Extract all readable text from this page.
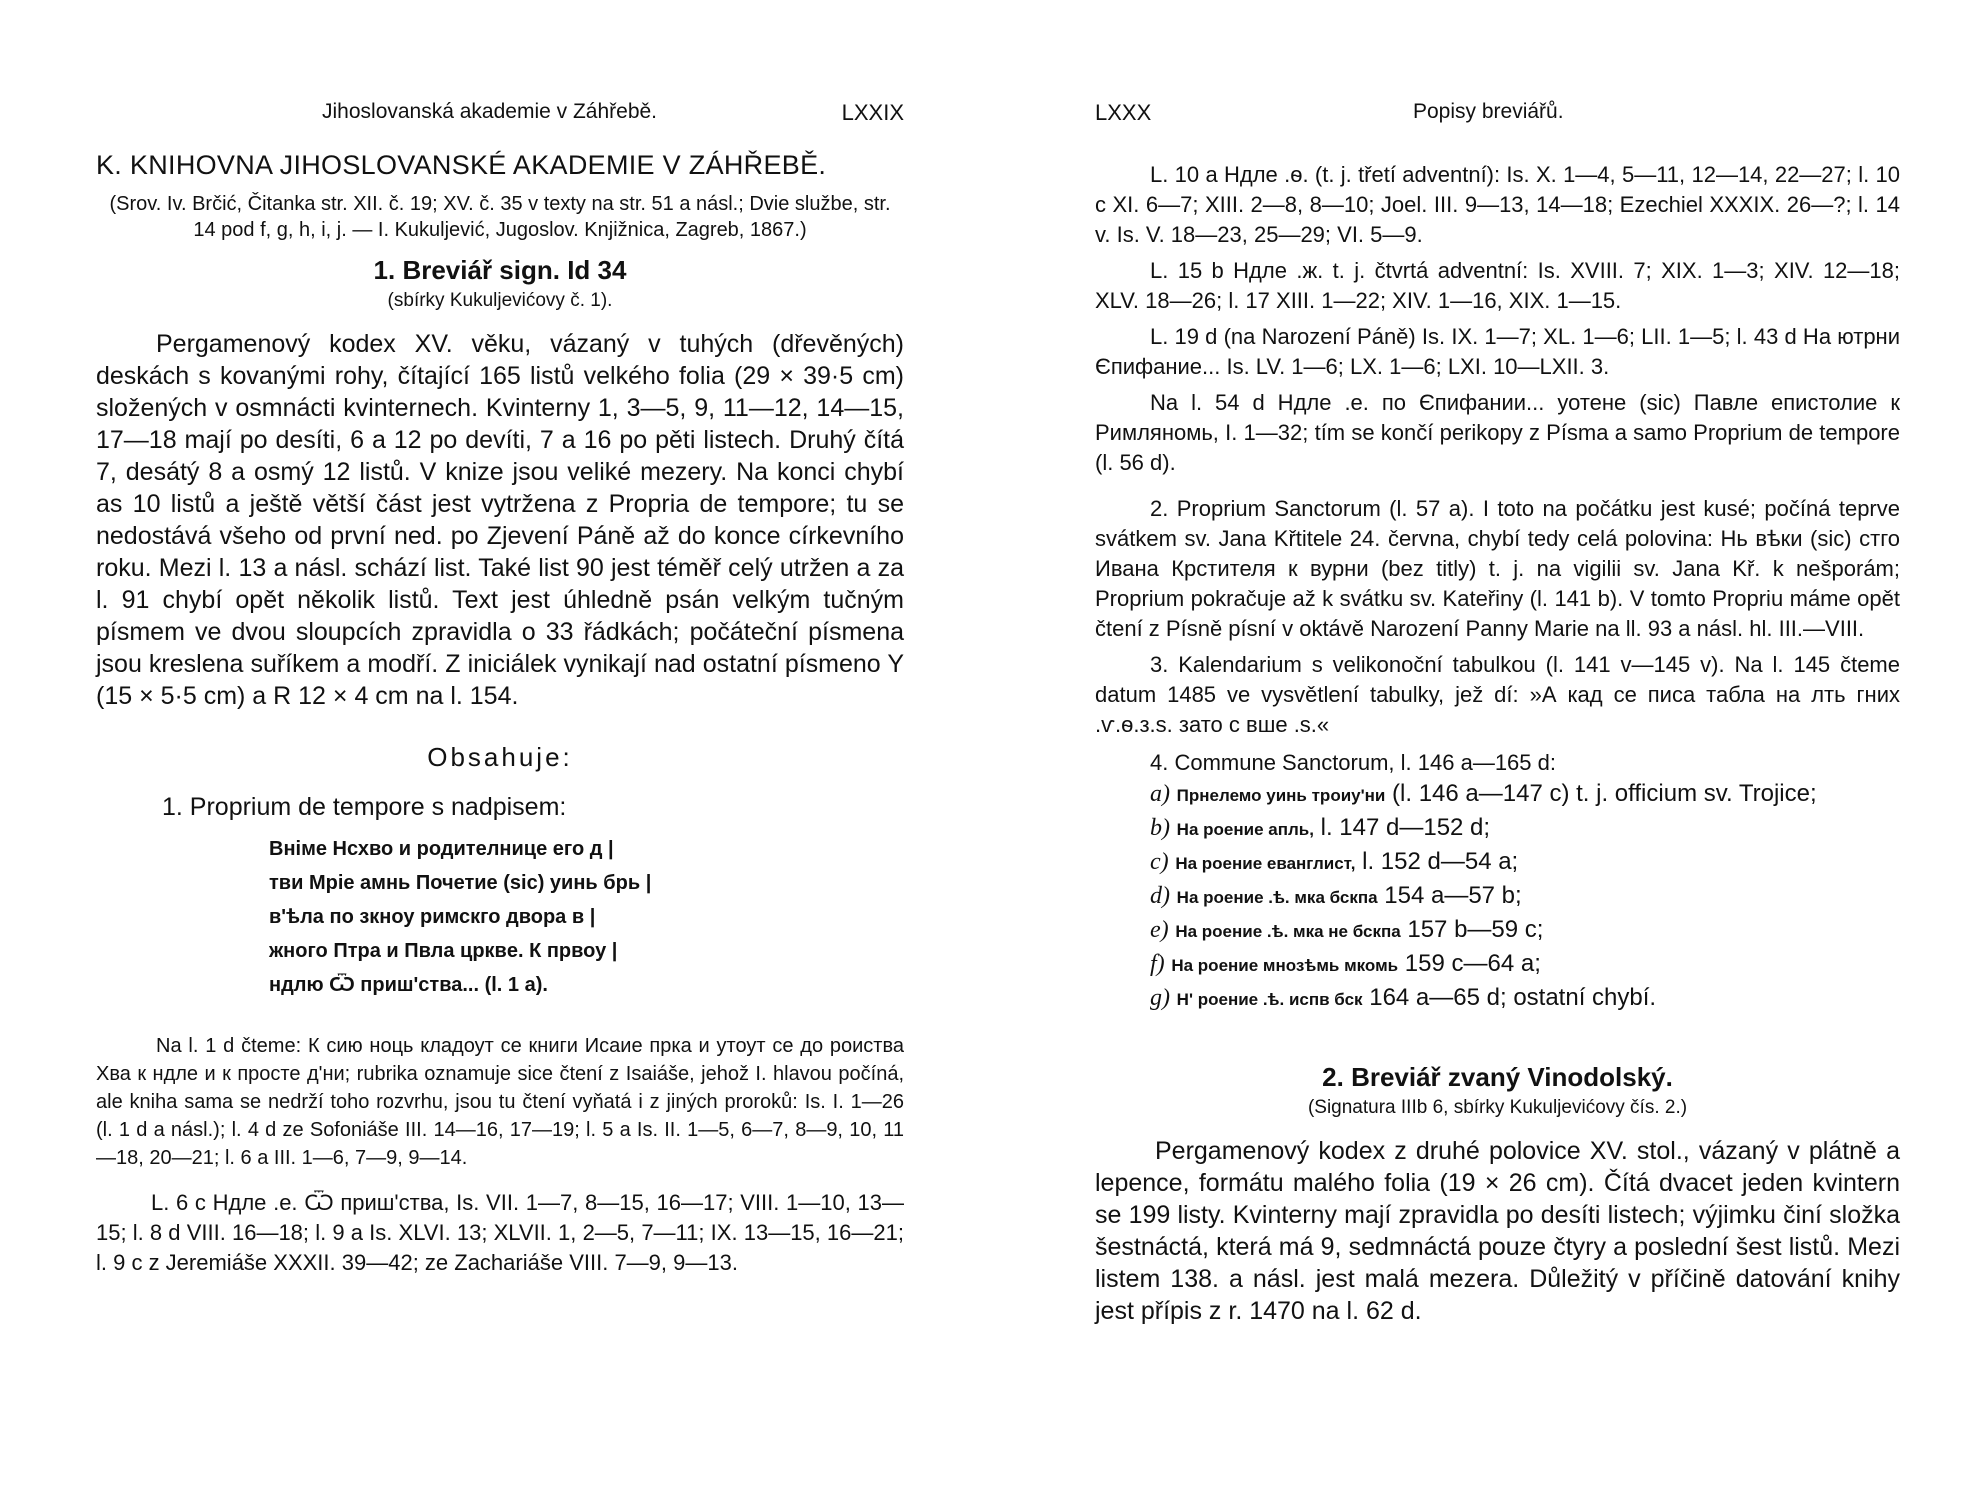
Jihoslovanská akademie v Záhřebě.	LXXIX

K. KNIHOVNA JIHOSLOVANSKÉ AKADEMIE V ZÁHŘEBĚ.

(Srov. Iv. Brčić, Čitanka str. XII. č. 19; XV. č. 35 v texty na str. 51 a násl.; Dvie službe, str. 14 pod f, g, h, i, j. — I. Kukuljević, Jugoslov. Knjižnica, Zagreb, 1867.)

1. Breviář sign. Id 34

(sbírky Kukuljevićovy č. 1).

Pergamenový kodex XV. věku, vázaný v tuhých (dřevěných) deskách s kovanými rohy, čítající 165 listů velkého folia (29 × 39·5 cm) složených v osmnácti kvinternech. Kvinterny 1, 3—5, 9, 11—12, 14—15, 17—18 mají po desíti, 6 a 12 po devíti, 7 a 16 po pěti listech. Druhý čítá 7, desátý 8 a osmý 12 listů. V knize jsou veliké mezery. Na konci chybí as 10 listů a ještě větší část jest vytržena z Propria de tempore; tu se nedostává všeho od první ned. po Zjevení Páně až do konce církevního roku. Mezi l. 13 a násl. schází list. Také list 90 jest téměř celý utržen a za l. 91 chybí opět několik listů. Text jest úhledně psán velkým tučným písmem ve dvou sloupcích zpravidla o 33 řádkách; počáteční písmena jsou kreslena suříkem a modří. Z iniciálek vynikají nad ostatní písmeno Y (15 × 5·5 cm) a R 12 × 4 cm na l. 154.

Obsahuje:

1. Proprium de tempore s nadpisem:

Вніме Нсхво и родителнице его д |

тви Мріе амнь Почетие (sic) уинь брь |

в'ѣла по зкноу римскго двора в |

жного Птра и Пвла црквe. К првоу |

ндлю Ѿ приш'ства... (l. 1 a).

Na l. 1 d čteme: К сию ноць кладоут се книги Исаие прка и утоут се до роиства Хва к ндлe и к просте д'ни; rubrika oznamuje sice čtení z Isaiáše, jehož I. hlavou počíná, ale kniha sama se nedrží toho rozvrhu, jsou tu čtení vyňatá i z jiných proroků: Is. I. 1—26 (l. 1 d a násl.); l. 4 d ze Sofoniáše III. 14—16, 17—19; l. 5 a Is. II. 1—5, 6—7, 8—9, 10, 11—18, 20—21; l. 6 a III. 1—6, 7—9, 9—14.

L. 6 c Ндле .е. Ѿ приш'ства, Is. VII. 1—7, 8—15, 16—17; VIII. 1—10, 13—15; l. 8 d VIII. 16—18; l. 9 a Is. XLVI. 13; XLVII. 1, 2—5, 7—11; IX. 13—15, 16—21; l. 9 c z Jeremiáše XXXII. 39—42; ze Zachariáše VIII. 7—9, 9—13.

LXXX	Popisy breviářů.

L. 10 a Ндле .ѳ. (t. j. třetí adventní): Is. X. 1—4, 5—11, 12—14, 22—27; l. 10 c XI. 6—7; XIII. 2—8, 8—10; Joel. III. 9—13, 14—18; Ezechiel XXXIX. 26—?; l. 14 v. Is. V. 18—23, 25—29; VI. 5—9.

L. 15 b Ндле .ж. t. j. čtvrtá adventní: Is. XVIII. 7; XIX. 1—3; XIV. 12—18; XLV. 18—26; l. 17 XIII. 1—22; XIV. 1—16, XIX. 1—15.

L. 19 d (na Narození Páně) Is. IX. 1—7; XL. 1—6; LII. 1—5; l. 43 d На ютрни Єпифание... Is. LV. 1—6; LX. 1—6; LXI. 10—LXII. 3.

Na l. 54 d Ндле .е. по Єпифании... уотене (sic) Павле епистолие к Римляномь, I. 1—32; tím se končí perikopy z Písma a samo Proprium de tempore (l. 56 d).

2. Proprium Sanctorum (l. 57 a). I toto na počátku jest kusé; počíná teprve svátkem sv. Jana Křtitele 24. června, chybí tedy celá polovina: Нь вѣки (sic) стго Ивана Крстителя к вурни (bez titly) t. j. na vigilii sv. Jana Kř. k nešporám; Proprium pokračuje až k svátku sv. Kateřiny (l. 141 b). V tomto Propriu máme opět čtení z Písně písní v oktávě Narození Panny Marie na ll. 93 a násl. hl. III.—VIII.

3. Kalendarium s velikonoční tabulkou (l. 141 v—145 v). Na l. 145 čteme datum 1485 ve vysvětlení tabulky, jež dí: »А кад се писа табла на лть гних .ѵ.ѳ.з.ѕ. зато с вше .ѕ.«

4. Commune Sanctorum, l. 146 a—165 d:

a) Прнелемо уинь троиу'ни (l. 146 a—147 c) t. j. officium sv. Trojice;

b) На роение апль, l. 147 d—152 d;

c) На роение еванглист, l. 152 d—54 a;

d) На роение .ѣ. мка бскпа 154 a—57 b;

e) На роение .ѣ. мка не бскпа 157 b—59 c;

f) На роение мнозѣмь мкомь 159 c—64 a;

g) Н' роение .ѣ. испв бск 164 a—65 d; ostatní chybí.

2. Breviář zvaný Vinodolský.

(Signatura IIIb 6, sbírky Kukuljevićovy čís. 2.)

Pergamenový kodex z druhé polovice XV. stol., vázaný v plátně a lepence, formátu malého folia (19 × 26 cm). Čítá dvacet jeden kvintern se 199 listy. Kvinterny mají zpravidla po desíti listech; výjimku činí složka šestnáctá, která má 9, sedmnáctá pouze čtyry a poslední šest listů. Mezi listem 138. a násl. jest malá mezera. Důležitý v příčině datování knihy jest přípis z r. 1470 na l. 62 d.
